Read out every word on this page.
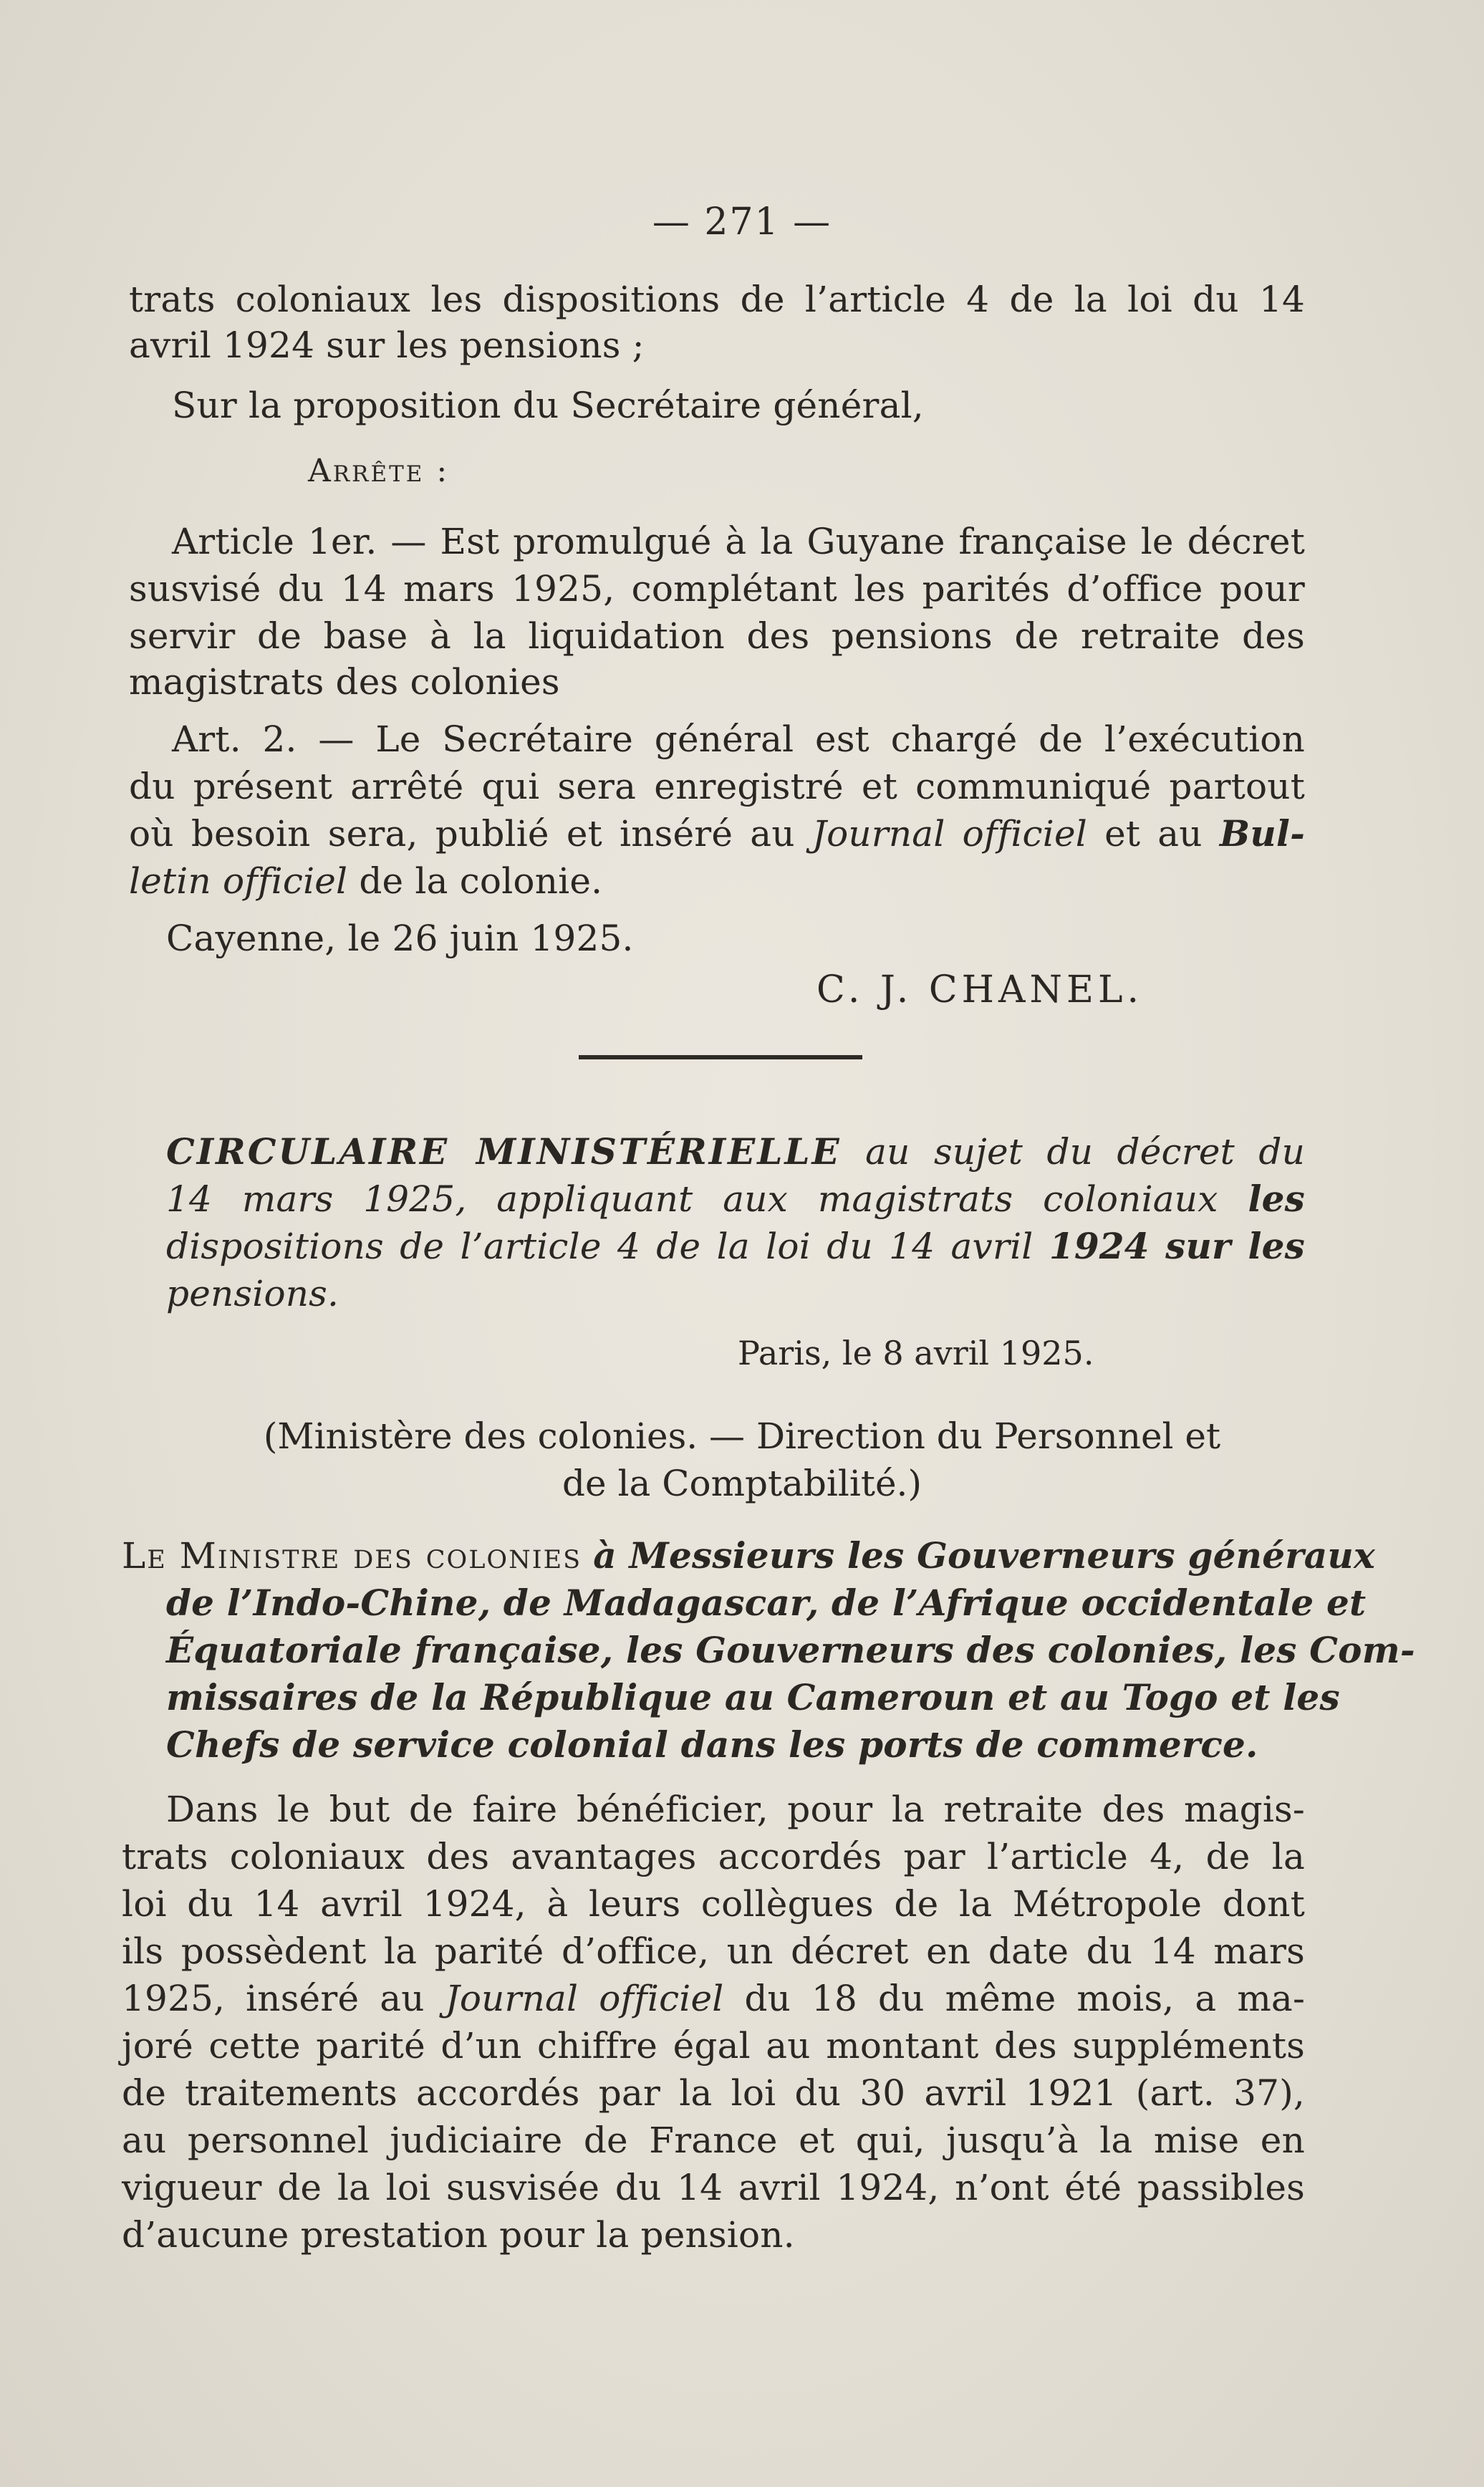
— 271 —
trats coloniaux les dispositions de l’article 4 de la loi du 14
avril 1924 sur les pensions ;
Sur la proposition du Secrétaire général,
Arrête :
Article 1er. — Est promulgué à la Guyane française le décret
susvisé du 14 mars 1925, complétant les parités d’office pour
servir de base à la liquidation des pensions de retraite des
magistrats des colonies
Art. 2. — Le Secrétaire général est chargé de l’exécution
du présent arrêté qui sera enregistré et communiqué partout
où besoin sera, publié et inséré au Journal officiel et au Bul-
letin officiel de la colonie.
Cayenne, le 26 juin 1925.
C. J. CHANEL.
CIRCULAIRE MINISTÉRIELLE au sujet du décret du
14 mars 1925, appliquant aux magistrats coloniaux les
dispositions de l’article 4 de la loi du 14 avril 1924 sur les
pensions.
Paris, le 8 avril 1925.
(Ministère des colonies. — Direction du Personnel et
de la Comptabilité.)
Le Ministre des colonies à Messieurs les Gouverneurs généraux
de l’Indo-Chine, de Madagascar, de l’Afrique occidentale et
Équatoriale française, les Gouverneurs des colonies, les Com-
missaires de la République au Cameroun et au Togo et les
Chefs de service colonial dans les ports de commerce.
Dans le but de faire bénéficier, pour la retraite des magis-
trats coloniaux des avantages accordés par l’article 4, de la
loi du 14 avril 1924, à leurs collègues de la Métropole dont
ils possèdent la parité d’office, un décret en date du 14 mars
1925, inséré au Journal officiel du 18 du même mois, a ma-
joré cette parité d’un chiffre égal au montant des suppléments
de traitements accordés par la loi du 30 avril 1921 (art. 37),
au personnel judiciaire de France et qui, jusqu’à la mise en
vigueur de la loi susvisée du 14 avril 1924, n’ont été passibles
d’aucune prestation pour la pension.
